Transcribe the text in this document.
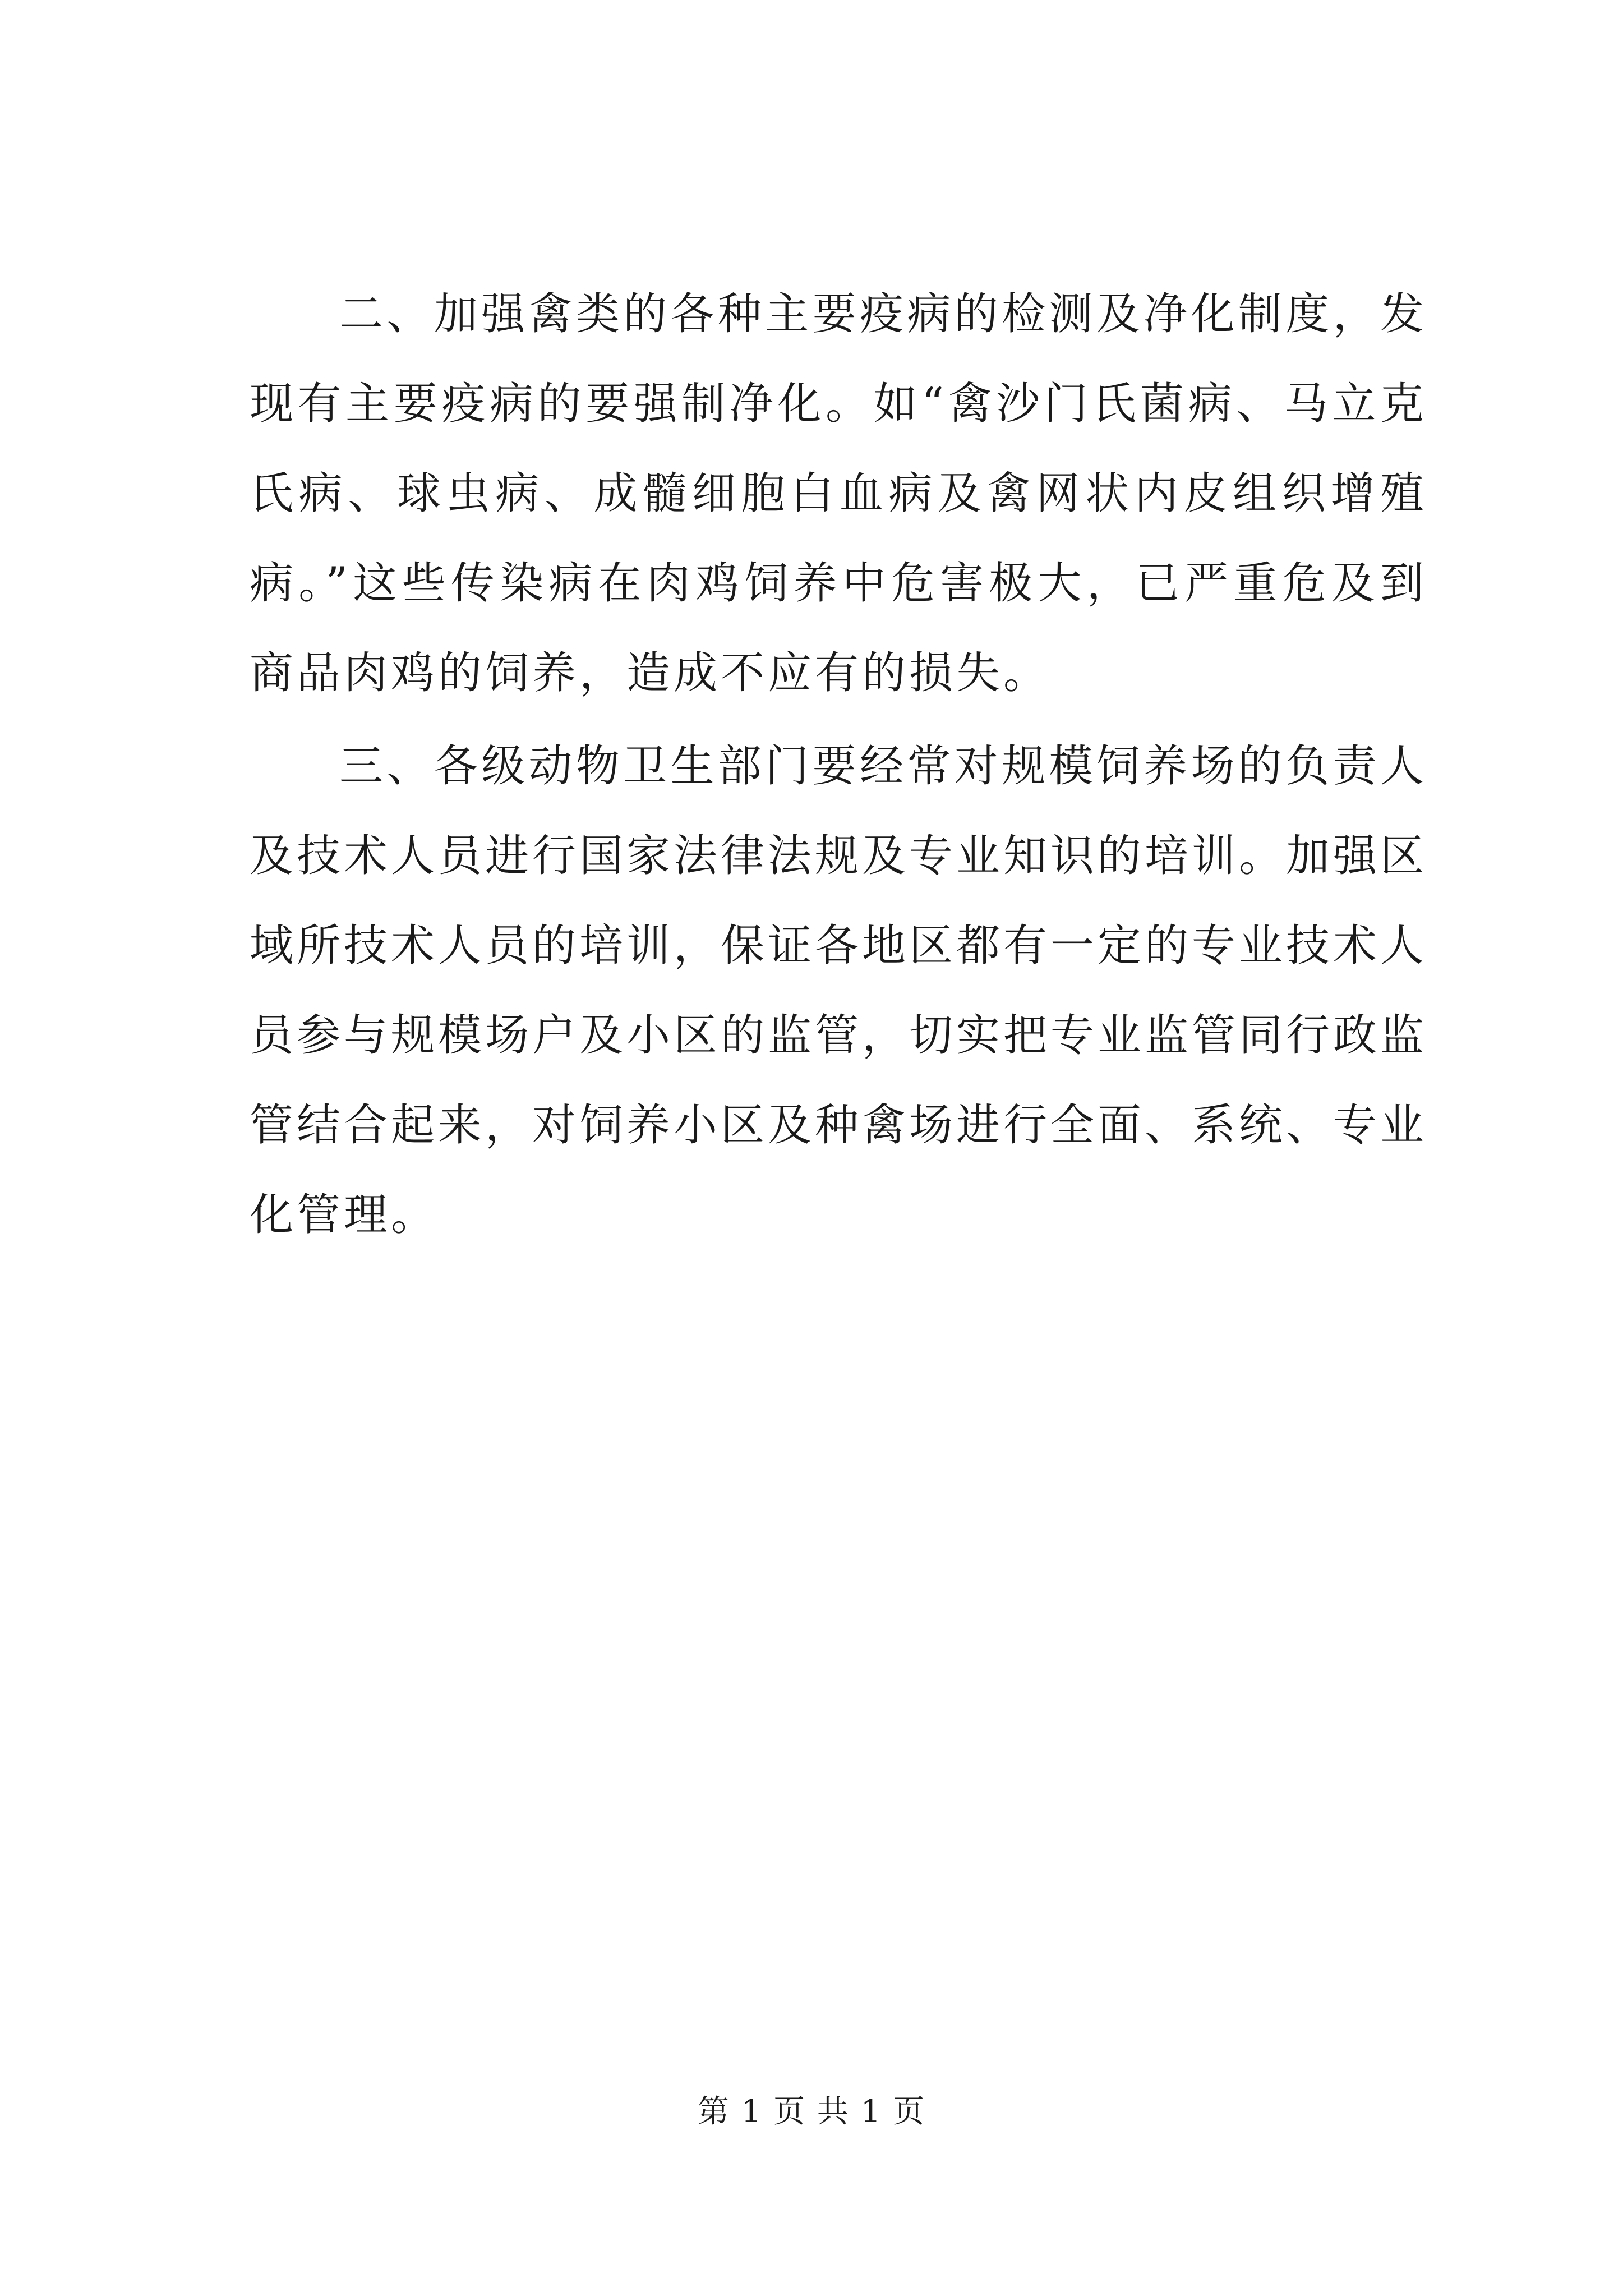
二、加强禽类的各种主要疫病的检测及净化制度，发现有主要疫病的要强制净化。如“禽沙门氏菌病、马立克氏病、球虫病、成髓细胞白血病及禽网状内皮组织增殖病。”这些传染病在肉鸡饲养中危害极大，已严重危及到商品肉鸡的饲养，造成不应有的损失。

三、各级动物卫生部门要经常对规模饲养场的负责人及技术人员进行国家法律法规及专业知识的培训。加强区域所技术人员的培训，保证各地区都有一定的专业技术人员参与规模场户及小区的监管，切实把专业监管同行政监管结合起来，对饲养小区及种禽场进行全面、系统、专业化管理。

第 1 页 共 1 页
